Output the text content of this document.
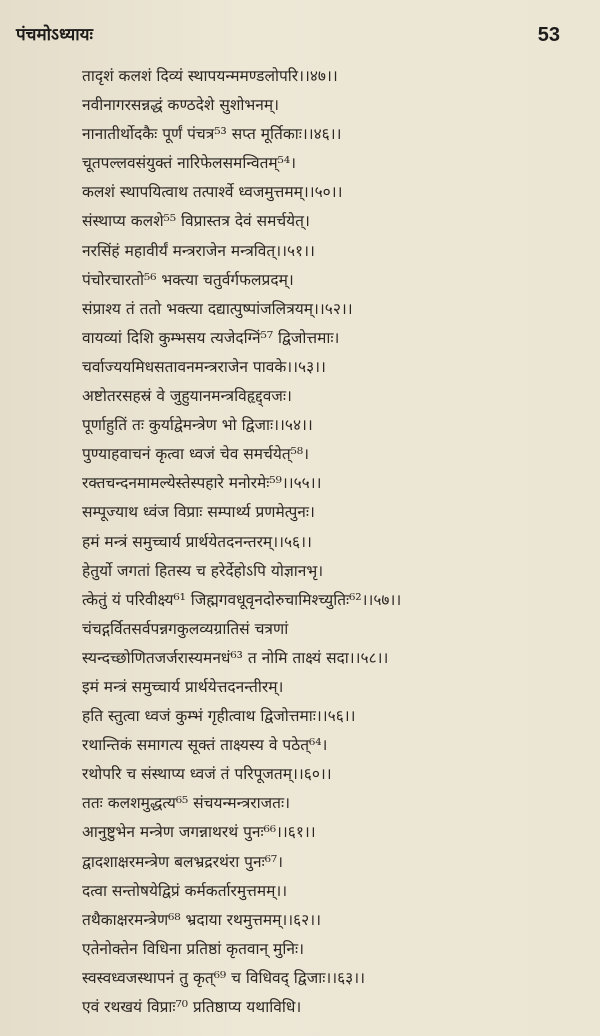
पंचमोऽध्यायः	53
तादृशं कलशं दिव्यं स्थापयन्ममण्डलोपरि।।४७।।
नवीनागरसन्नद्धं कण्ठदेशे सुशोभनम्।
नानातीर्थोदकैः पूर्णं पंचत्र⁵³ सप्त मूर्तिकाः।।४६।।
चूतपल्लवसंयुक्तं नारिफेलसमन्वितम्⁵⁴।
कलशं स्थापयित्वाथ तत्पार्श्वे ध्वजमुत्तमम्।।५०।।
संस्थाप्य कलशे⁵⁵ विप्रास्तत्र देवं समर्चयेत्।
नरसिंहं महावीर्यं मन्त्रराजेन मन्त्रवित्।।५१।।
पंचोरचारतो⁵⁶ भक्त्या चतुर्वर्गफलप्रदम्।
संप्राश्य तं ततो भक्त्या दद्यात्पुष्पांजलित्रयम्।।५२।।
वायव्यां दिशि कुम्भसय त्यजेदग्निं⁵⁷ द्विजोत्तमाः।
चर्वाज्ययमिधसतावनमन्त्रराजेन पावके।।५३।।
अष्टोतरसहस्रं वे जुहुयानमन्त्रविहृद्द्वजः।
पूर्णाहुतिं तः कुर्याद्वेमन्त्रेण भो द्विजाः।।५४।।
पुण्याहवाचनं कृत्वा ध्वजं चेव समर्चयेत्⁵⁸।
रक्तचन्दनमामल्येस्तेस्पहारे मनोरमेः⁵⁹।।५५।।
सम्पूज्याथ ध्वंज विप्राः सम्पार्थ्य प्रणमेत्पुनः।
हमं मन्त्रं समुच्चार्य प्रार्थयेतदनन्तरम्।।५६।।
हेतुर्यो जगतां हितस्य च हरेर्देहोऽपि योज्ञानभृ।
त्केतुं यं परिवीक्ष्य⁶¹ जिह्मगवधूवृनदोरुचामिश्च्युतिः⁶²।।५७।।
चंचद्गर्वितसर्वपन्नगकुलव्यग्रातिसं चत्रणां
स्यन्दच्छोणितजर्जरास्यमनधं⁶³ त नोमि ताक्ष्यं सदा।।५८।।
इमं मन्त्रं समुच्चार्य प्रार्थयेत्तदनन्तीरम्।
हति स्तुत्वा ध्वजं कुम्भं गृहीत्वाथ द्विजोत्तमाः।।५६।।
रथान्तिकं समागत्य सूक्तं ताक्ष्यस्य वे पठेत्⁶⁴।
रथोपरि च संस्थाप्य ध्वजं तं परिपूजतम्।।६०।।
ततः कलशमुद्धत्य⁶⁵ संचयन्मन्त्रराजतः।
आनुष्टुभेन मन्त्रेण जगन्नाथरथं पुनः⁶⁶।।६१।।
द्वादशाक्षरमन्त्रेण बलभ्रद्ररथंरा पुनः⁶⁷।
दत्वा सन्तोषयेद्विप्रं कर्मकर्तारमुत्तमम्।।
तथैकाक्षरमन्त्रेण⁶⁸ भ्रदाया रथमुत्तमम्।।६२।।
एतेनोक्तेन विधिना प्रतिष्ठां कृतवान् मुनिः।
स्वस्वध्वजस्थापनं तु कृत्⁶⁹ च विधिवद् द्विजाः।।६३।।
एवं रथखयं विप्राः⁷⁰ प्रतिष्ठाप्य यथाविधि।
